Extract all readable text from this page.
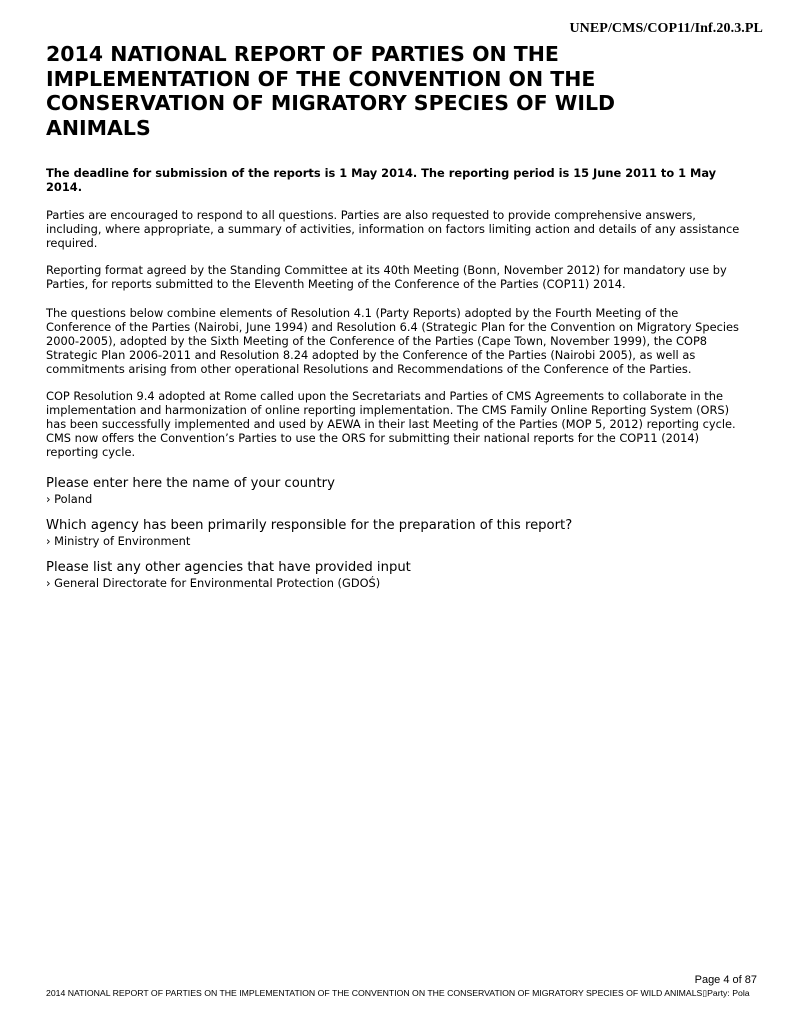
UNEP/CMS/COP11/Inf.20.3.PL
2014 NATIONAL REPORT OF PARTIES ON THE IMPLEMENTATION OF THE CONVENTION ON THE CONSERVATION OF MIGRATORY SPECIES OF WILD ANIMALS

The deadline for submission of the reports is 1 May 2014. The reporting period is 15 June 2011 to 1 May 2014.

Parties are encouraged to respond to all questions. Parties are also requested to provide comprehensive answers, including, where appropriate, a summary of activities, information on factors limiting action and details of any assistance required.

Reporting format agreed by the Standing Committee at its 40th Meeting (Bonn, November 2012) for mandatory use by Parties, for reports submitted to the Eleventh Meeting of the Conference of the Parties (COP11) 2014.

The questions below combine elements of Resolution 4.1 (Party Reports) adopted by the Fourth Meeting of the Conference of the Parties (Nairobi, June 1994) and Resolution 6.4 (Strategic Plan for the Convention on Migratory Species 2000-2005), adopted by the Sixth Meeting of the Conference of the Parties (Cape Town, November 1999), the COP8 Strategic Plan 2006-2011 and Resolution 8.24 adopted by the Conference of the Parties (Nairobi 2005), as well as commitments arising from other operational Resolutions and Recommendations of the Conference of the Parties.

COP Resolution 9.4 adopted at Rome called upon the Secretariats and Parties of CMS Agreements to collaborate in the implementation and harmonization of online reporting implementation. The CMS Family Online Reporting System (ORS) has been successfully implemented and used by AEWA in their last Meeting of the Parties (MOP 5, 2012) reporting cycle. CMS now offers the Convention’s Parties to use the ORS for submitting their national reports for the COP11 (2014) reporting cycle.

Please enter here the name of your country

› Poland

Which agency has been primarily responsible for the preparation of this report?

› Ministry of Environment

Please list any other agencies that have provided input

› General Directorate for Environmental Protection (GDOŚ)

Page 4 of 87
2014 NATIONAL REPORT OF PARTIES ON THE IMPLEMENTATION OF THE CONVENTION ON THE CONSERVATION OF MIGRATORY SPECIES OF WILD ANIMALS▯Party: Pola
